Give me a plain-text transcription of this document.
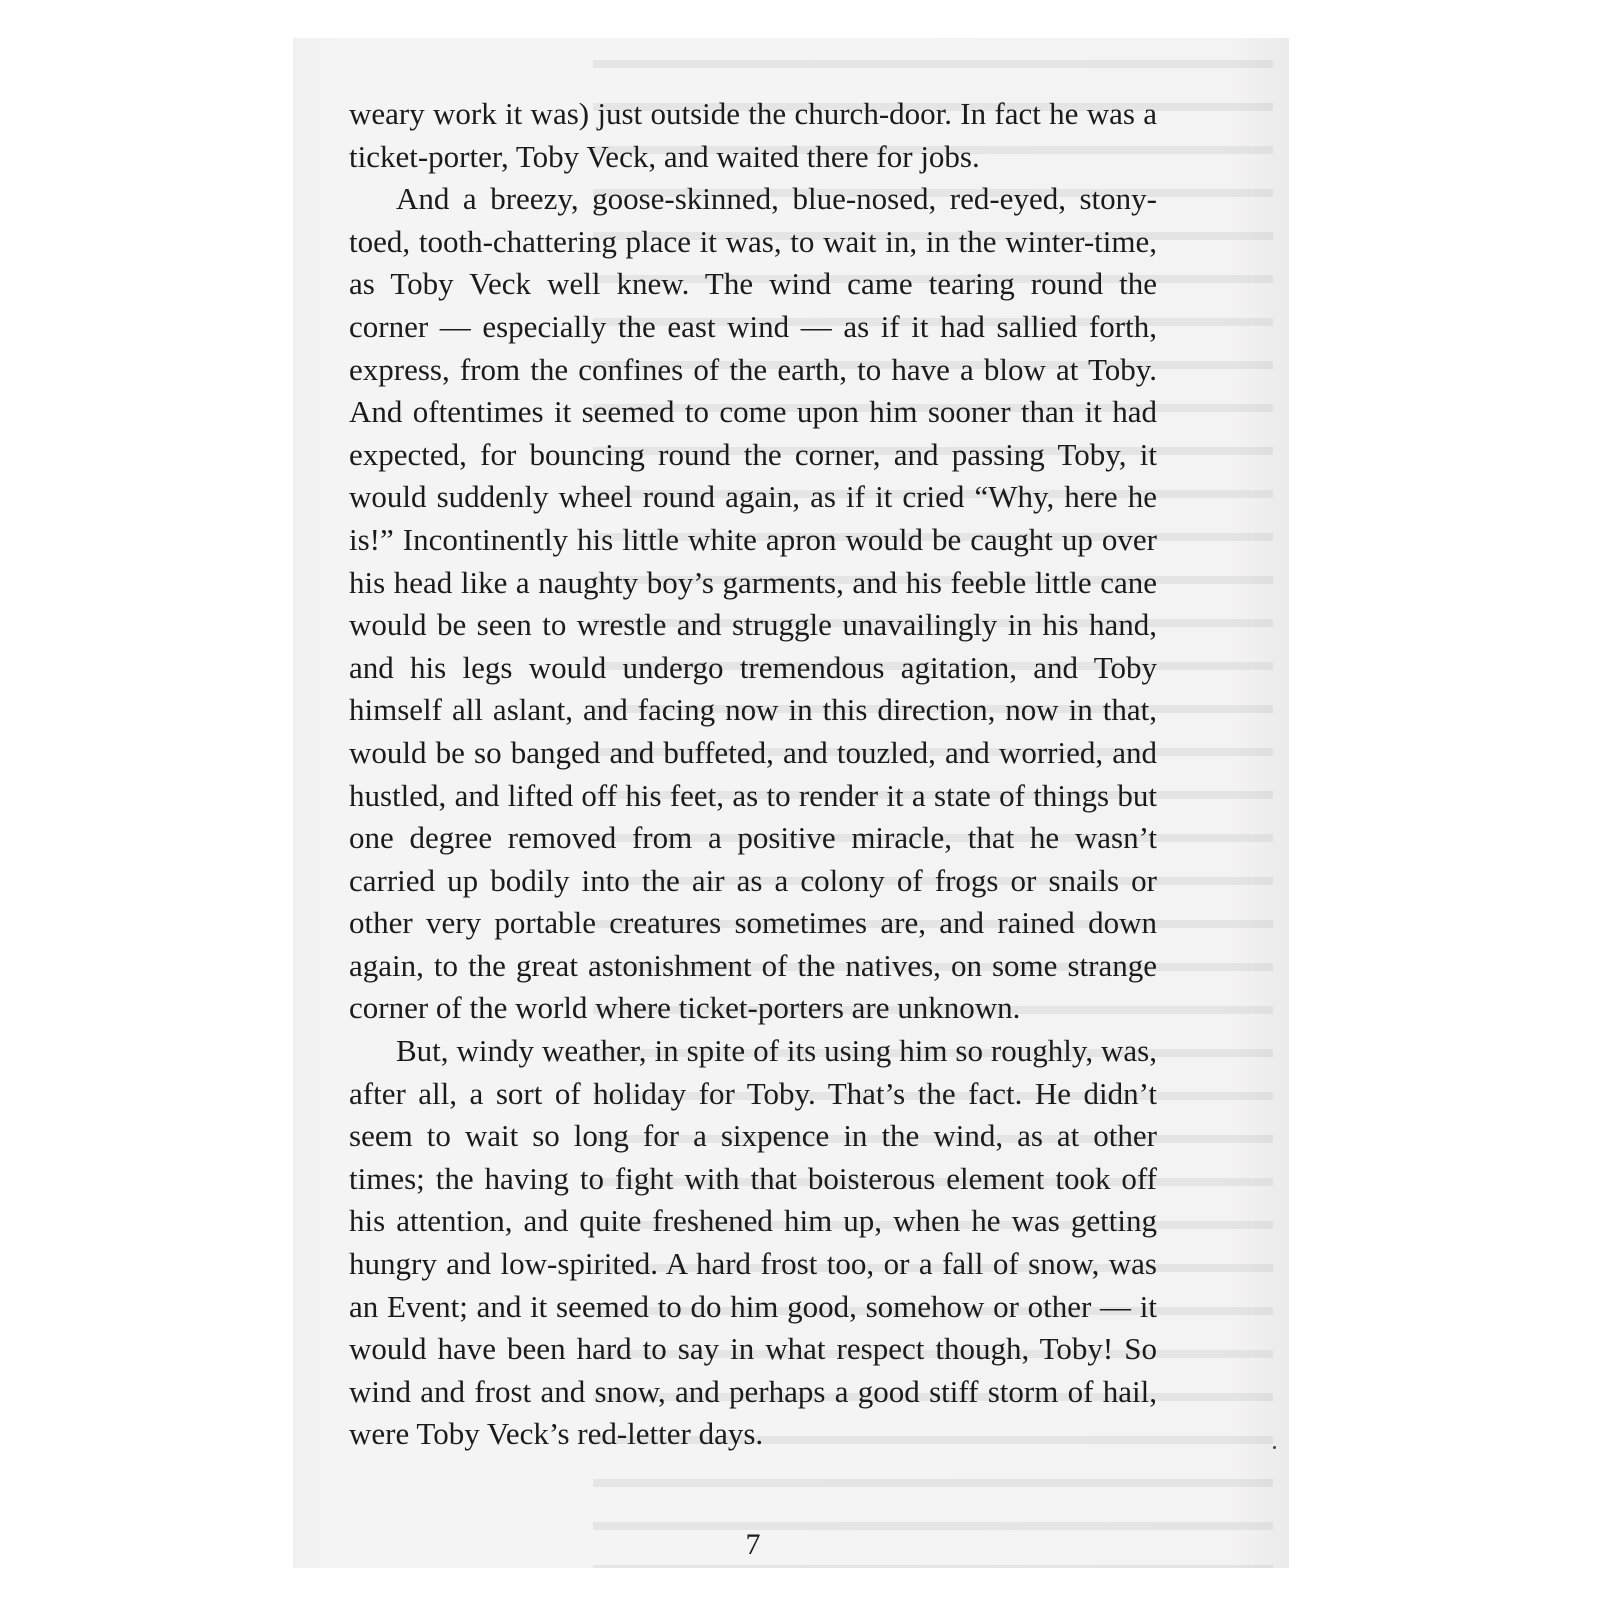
weary work it was) just outside the church-door. In fact he was a ticket-porter, Toby Veck, and waited there for jobs.

And a breezy, goose-skinned, blue-nosed, red-eyed, stony-toed, tooth-chattering place it was, to wait in, in the winter-time, as Toby Veck well knew. The wind came tearing round the corner — especially the east wind — as if it had sallied forth, express, from the confines of the earth, to have a blow at Toby. And oftentimes it seemed to come upon him sooner than it had expected, for bouncing round the corner, and passing Toby, it would suddenly wheel round again, as if it cried “Why, here he is!” Incontinently his little white apron would be caught up over his head like a naughty boy’s garments, and his feeble little cane would be seen to wrestle and struggle unavailingly in his hand, and his legs would undergo tremendous agitation, and Toby himself all aslant, and facing now in this direction, now in that, would be so banged and buffeted, and touzled, and worried, and hustled, and lifted off his feet, as to render it a state of things but one degree removed from a positive miracle, that he wasn’t carried up bodily into the air as a colony of frogs or snails or other very portable creatures sometimes are, and rained down again, to the great astonishment of the natives, on some strange corner of the world where ticket-porters are unknown.

But, windy weather, in spite of its using him so roughly, was, after all, a sort of holiday for Toby. That’s the fact. He didn’t seem to wait so long for a sixpence in the wind, as at other times; the having to fight with that boisterous element took off his attention, and quite freshened him up, when he was getting hungry and low-spirited. A hard frost too, or a fall of snow, was an Event; and it seemed to do him good, somehow or other — it would have been hard to say in what respect though, Toby! So wind and frost and snow, and perhaps a good stiff storm of hail, were Toby Veck’s red-letter days.

7
